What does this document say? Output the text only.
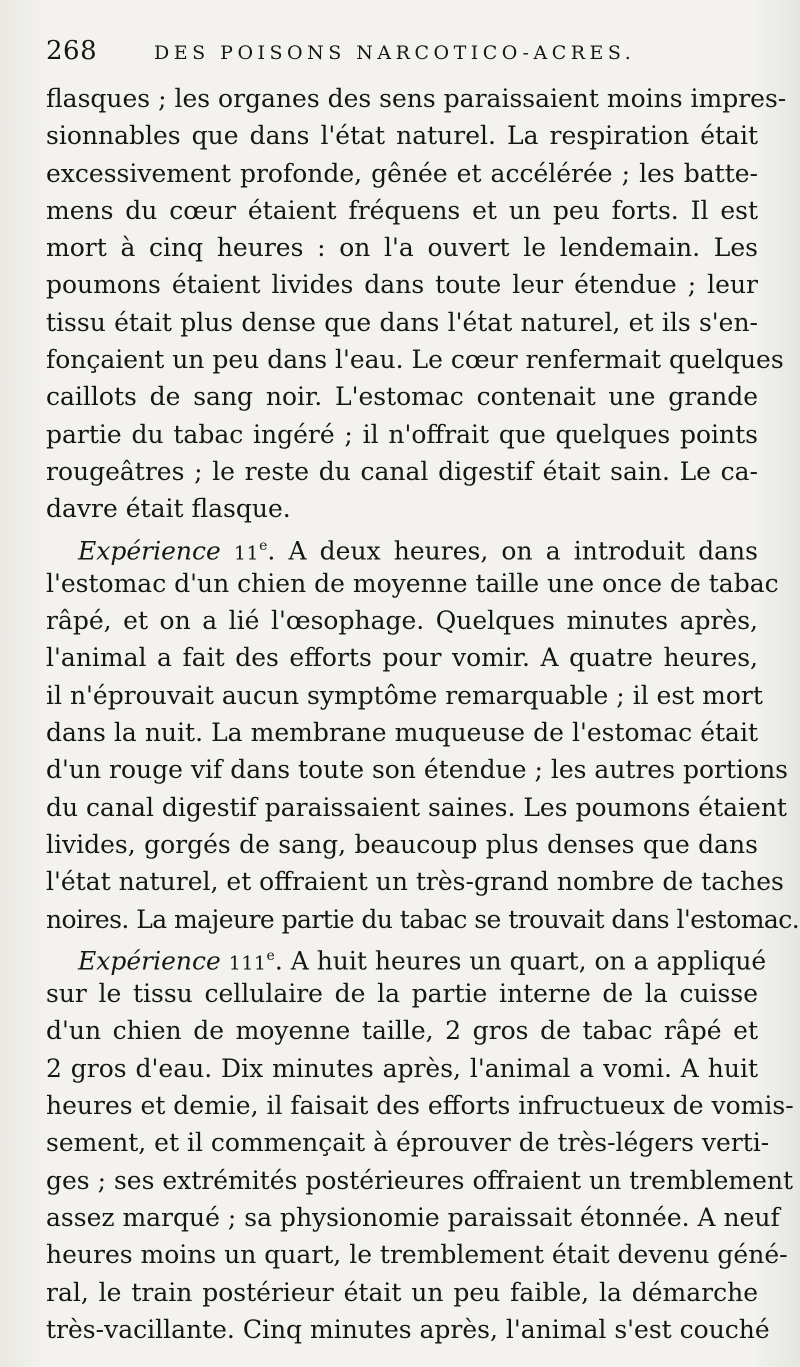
268	DES POISONS NARCOTICO-ACRES.
flasques ; les organes des sens paraissaient moins impres-
sionnables que dans l'état naturel. La respiration était
excessivement profonde, gênée et accélérée ; les batte-
mens du cœur étaient fréquens et un peu forts. Il est
mort à cinq heures : on l'a ouvert le lendemain. Les
poumons étaient livides dans toute leur étendue ; leur
tissu était plus dense que dans l'état naturel, et ils s'en-
fonçaient un peu dans l'eau. Le cœur renfermait quelques
caillots de sang noir. L'estomac contenait une grande
partie du tabac ingéré ; il n'offrait que quelques points
rougeâtres ; le reste du canal digestif était sain. Le ca-
davre était flasque.
Expérience 11e. A deux heures, on a introduit dans
l'estomac d'un chien de moyenne taille une once de tabac
râpé, et on a lié l'œsophage. Quelques minutes après,
l'animal a fait des efforts pour vomir. A quatre heures,
il n'éprouvait aucun symptôme remarquable ; il est mort
dans la nuit. La membrane muqueuse de l'estomac était
d'un rouge vif dans toute son étendue ; les autres portions
du canal digestif paraissaient saines. Les poumons étaient
livides, gorgés de sang, beaucoup plus denses que dans
l'état naturel, et offraient un très-grand nombre de taches
noires. La majeure partie du tabac se trouvait dans l'estomac.
Expérience 111e. A huit heures un quart, on a appliqué
sur le tissu cellulaire de la partie interne de la cuisse
d'un chien de moyenne taille, 2 gros de tabac râpé et
2 gros d'eau. Dix minutes après, l'animal a vomi. A huit
heures et demie, il faisait des efforts infructueux de vomis-
sement, et il commençait à éprouver de très-légers verti-
ges ; ses extrémités postérieures offraient un tremblement
assez marqué ; sa physionomie paraissait étonnée. A neuf
heures moins un quart, le tremblement était devenu géné-
ral, le train postérieur était un peu faible, la démarche
très-vacillante. Cinq minutes après, l'animal s'est couché
